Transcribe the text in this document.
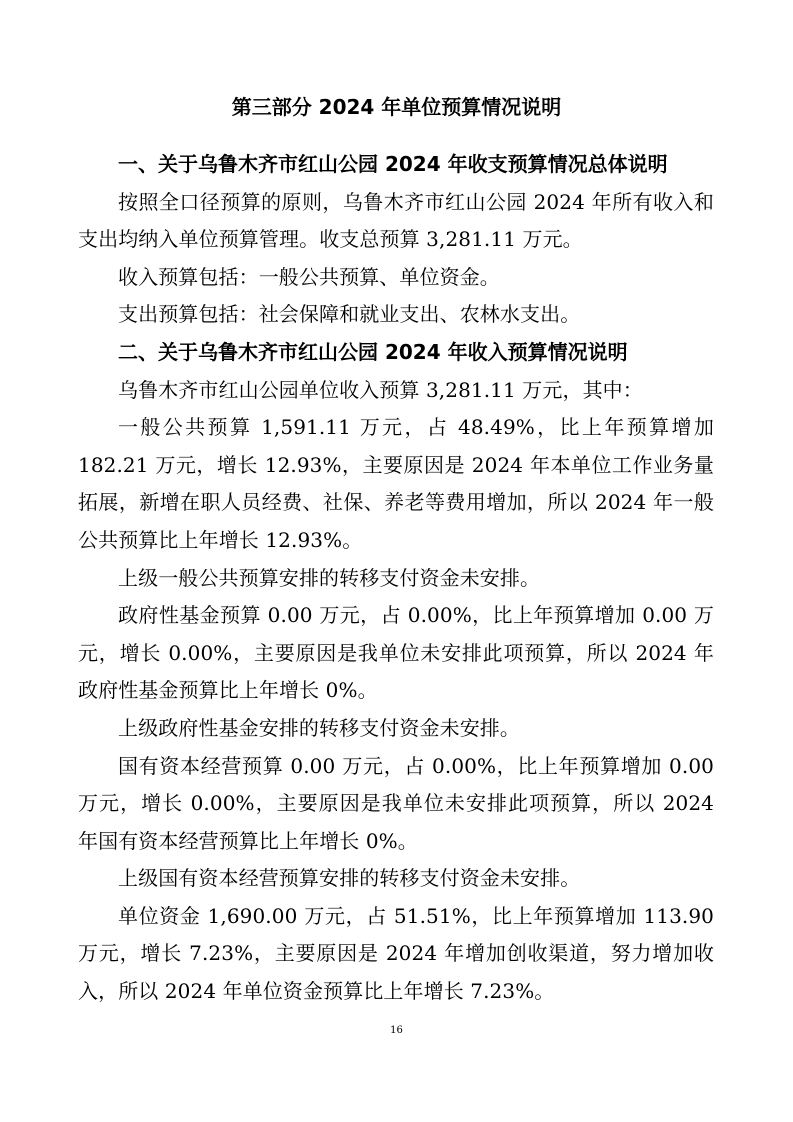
第三部分 2024 年单位预算情况说明

一、关于乌鲁木齐市红山公园 2024 年收支预算情况总体说明

按照全口径预算的原则，乌鲁木齐市红山公园 2024 年所有收入和支出均纳入单位预算管理。收支总预算 3,281.11 万元。

收入预算包括：一般公共预算、单位资金。

支出预算包括：社会保障和就业支出、农林水支出。

二、关于乌鲁木齐市红山公园 2024 年收入预算情况说明

乌鲁木齐市红山公园单位收入预算 3,281.11 万元，其中：

一般公共预算 1,591.11 万元，占 48.49%，比上年预算增加 182.21 万元，增长 12.93%，主要原因是 2024 年本单位工作业务量拓展，新增在职人员经费、社保、养老等费用增加，所以 2024 年一般公共预算比上年增长 12.93%。

上级一般公共预算安排的转移支付资金未安排。

政府性基金预算 0.00 万元，占 0.00%，比上年预算增加 0.00 万元，增长 0.00%，主要原因是我单位未安排此项预算，所以 2024 年政府性基金预算比上年增长 0%。

上级政府性基金安排的转移支付资金未安排。

国有资本经营预算 0.00 万元，占 0.00%，比上年预算增加 0.00 万元，增长 0.00%，主要原因是我单位未安排此项预算，所以 2024 年国有资本经营预算比上年增长 0%。

上级国有资本经营预算安排的转移支付资金未安排。

单位资金 1,690.00 万元，占 51.51%，比上年预算增加 113.90 万元，增长 7.23%，主要原因是 2024 年增加创收渠道，努力增加收入，所以 2024 年单位资金预算比上年增长 7.23%。

16
